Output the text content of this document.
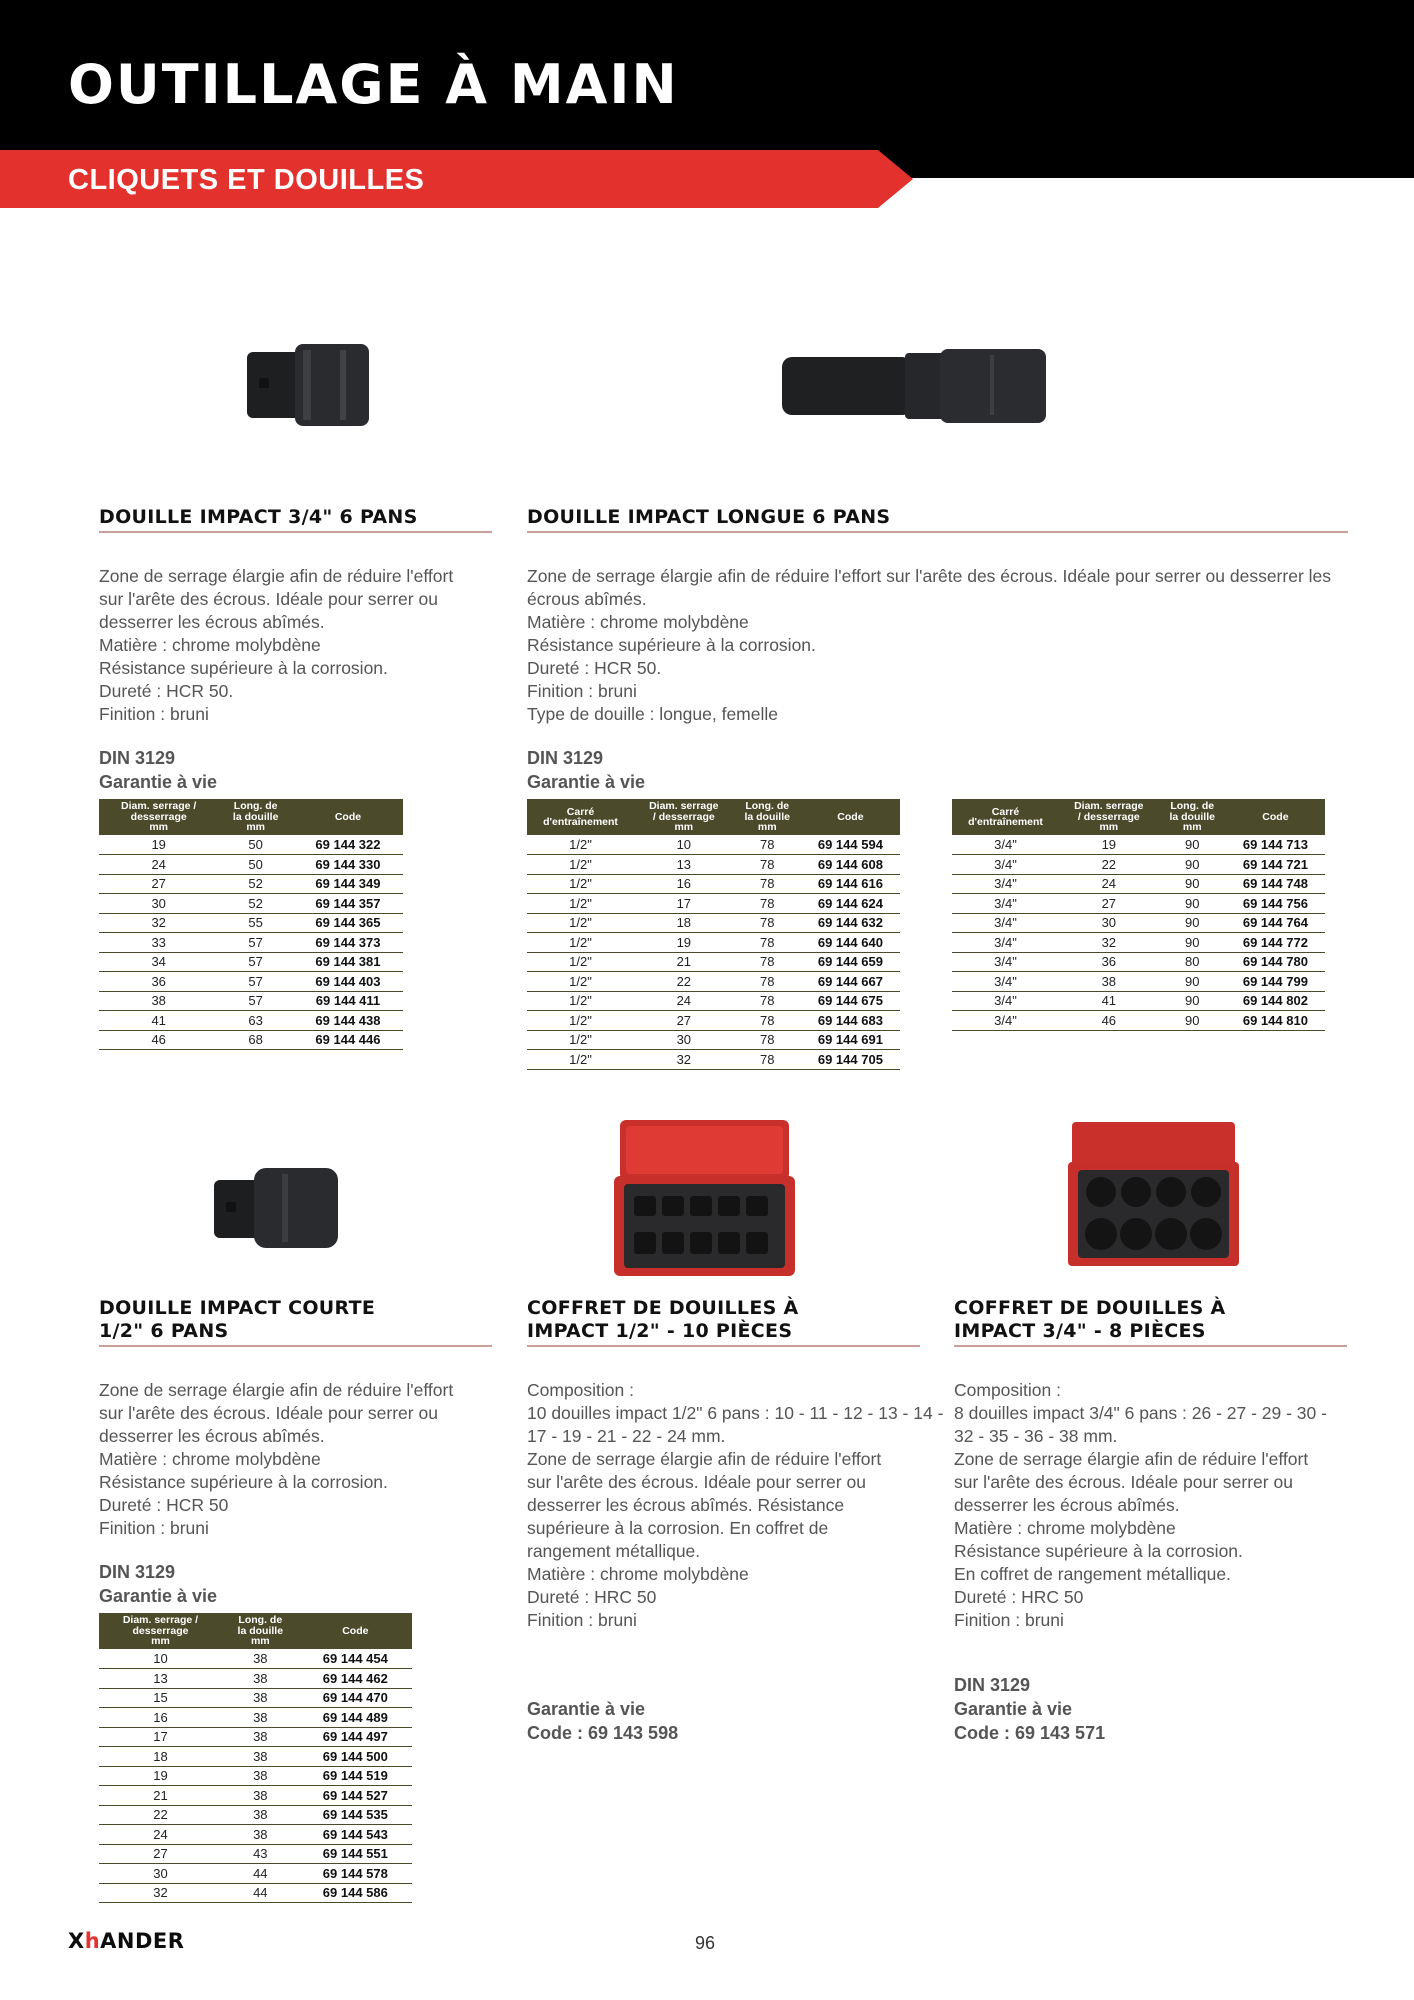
OUTILLAGE À MAIN
CLIQUETS ET DOUILLES
DOUILLE IMPACT 3/4" 6 PANS
Zone de serrage élargie afin de réduire l'effort
sur l'arête des écrous. Idéale pour serrer ou
desserrer les écrous abîmés.
Matière : chrome molybdène
Résistance supérieure à la corrosion.
Dureté : HCR 50.
Finition : bruni
DIN 3129
Garantie à vie
Diam. serrage /
desserrage
mm	Long. de
la douille
mm	Code

19	50	69 144 322
24	50	69 144 330
27	52	69 144 349
30	52	69 144 357
32	55	69 144 365
33	57	69 144 373
34	57	69 144 381
36	57	69 144 403
38	57	69 144 411
41	63	69 144 438
46	68	69 144 446
DOUILLE IMPACT LONGUE 6 PANS
Zone de serrage élargie afin de réduire l'effort sur l'arête des écrous. Idéale pour serrer ou desserrer les
écrous abîmés.
Matière : chrome molybdène
Résistance supérieure à la corrosion.
Dureté : HCR 50.
Finition : bruni
Type de douille : longue, femelle
DIN 3129
Garantie à vie
Carré
d'entraînement	Diam. serrage
/ desserrage
mm	Long. de
la douille
mm	Code

1/2"	10	78	69 144 594
1/2"	13	78	69 144 608
1/2"	16	78	69 144 616
1/2"	17	78	69 144 624
1/2"	18	78	69 144 632
1/2"	19	78	69 144 640
1/2"	21	78	69 144 659
1/2"	22	78	69 144 667
1/2"	24	78	69 144 675
1/2"	27	78	69 144 683
1/2"	30	78	69 144 691
1/2"	32	78	69 144 705
Carré
d'entraînement	Diam. serrage
/ desserrage
mm	Long. de
la douille
mm	Code

3/4"	19	90	69 144 713
3/4"	22	90	69 144 721
3/4"	24	90	69 144 748
3/4"	27	90	69 144 756
3/4"	30	90	69 144 764
3/4"	32	90	69 144 772
3/4"	36	80	69 144 780
3/4"	38	90	69 144 799
3/4"	41	90	69 144 802
3/4"	46	90	69 144 810
DOUILLE IMPACT COURTE
1/2" 6 PANS
Zone de serrage élargie afin de réduire l'effort
sur l'arête des écrous. Idéale pour serrer ou
desserrer les écrous abîmés.
Matière : chrome molybdène
Résistance supérieure à la corrosion.
Dureté : HCR 50
Finition : bruni
DIN 3129
Garantie à vie
Diam. serrage /
desserrage
mm	Long. de
la douille
mm	Code

10	38	69 144 454
13	38	69 144 462
15	38	69 144 470
16	38	69 144 489
17	38	69 144 497
18	38	69 144 500
19	38	69 144 519
21	38	69 144 527
22	38	69 144 535
24	38	69 144 543
27	43	69 144 551
30	44	69 144 578
32	44	69 144 586
COFFRET DE DOUILLES À
IMPACT 1/2" - 10 PIÈCES
Composition :
10 douilles impact 1/2" 6 pans : 10 - 11 - 12 - 13 - 14 -
17 - 19 - 21 - 22 - 24 mm.
Zone de serrage élargie afin de réduire l'effort
sur l'arête des écrous. Idéale pour serrer ou
desserrer les écrous abîmés. Résistance
supérieure à la corrosion. En coffret de
rangement métallique.
Matière : chrome molybdène
Dureté : HRC 50
Finition : bruni
Garantie à vie
Code : 69 143 598
COFFRET DE DOUILLES À
IMPACT 3/4" - 8 PIÈCES
Composition :
8 douilles impact 3/4" 6 pans : 26 - 27 - 29 - 30 -
32 - 35 - 36 - 38 mm.
Zone de serrage élargie afin de réduire l'effort
sur l'arête des écrous. Idéale pour serrer ou
desserrer les écrous abîmés.
Matière : chrome molybdène
Résistance supérieure à la corrosion.
En coffret de rangement métallique.
Dureté : HRC 50
Finition : bruni
DIN 3129
Garantie à vie
Code : 69 143 571
XhANDER	96
